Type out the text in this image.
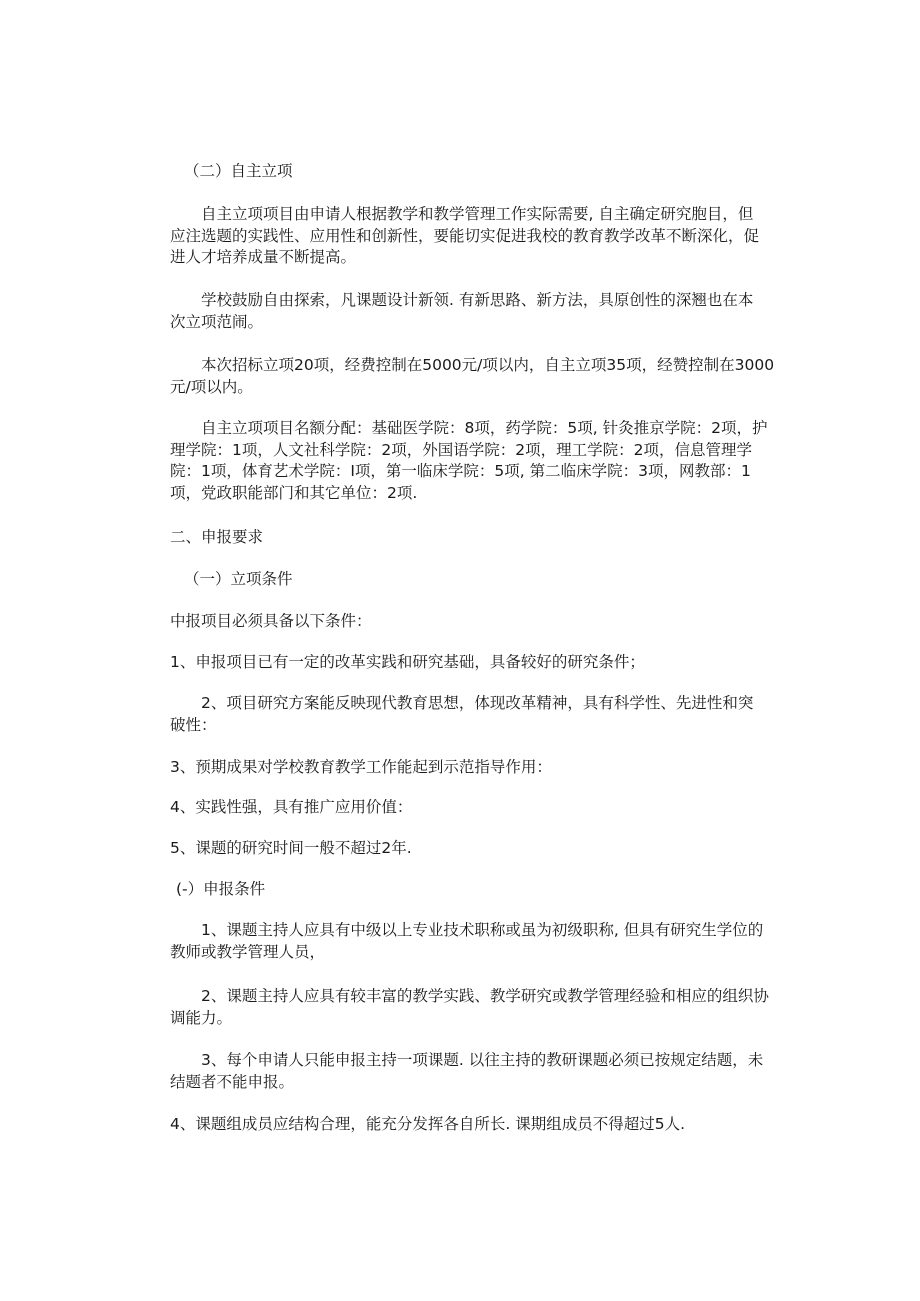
（二）自主立项

自主立项项目由申请人根据教学和教学管理工作实际需要, 自主确定研究胞目，但
应注选题的实践性、应用性和创新性，要能切实促进我校的教育教学改革不断深化，促
进人才培养成量不断提高。
学校鼓励自由探索，凡课题设计新领. 有新思路、新方法，具原创性的深翘也在本
次立项范闹。
本次招标立项20项，经费控制在5000元/项以内，自主立项35项，经赞控制在3000
元/项以内。
自主立项项目名额分配：基础医学院：8项，药学院：5项, 针灸推京学院：2项，护
理学院：1项，人文社科学院：2项，外国语学院：2项，理工学院：2项，信息管理学
院：1项，体育艺术学院：I项，第一临床学院：5项, 第二临床学院：3项，网教部：1
项，党政职能部门和其它单位：2项.

二、申报要求

（一）立项条件

中报项目必须具备以下条件：

1、申报项目已有一定的改革实践和研究基础，具备较好的研究条件；

2、项目研究方案能反映现代教育思想，体现改革精神，具有科学性、先进性和突
破性：

3、预期成果对学校教育教学工作能起到示范指导作用：

4、实践性强，具有推广应用价值：

5、课题的研究时间一般不超过2年.

(-）申报条件

1、课题主持人应具有中级以上专业技术职称或虽为初级职称, 但具有研究生学位的
教师或教学管理人员，
2、课题主持人应具有较丰富的教学实践、教学研究或教学管理经验和相应的组织协
调能力。
3、每个申请人只能申报主持一项课题. 以往主持的教研课题必须已按规定结题，未
结题者不能申报。

4、课题组成员应结构合理，能充分发挥各自所长. 课期组成员不得超过5人.
